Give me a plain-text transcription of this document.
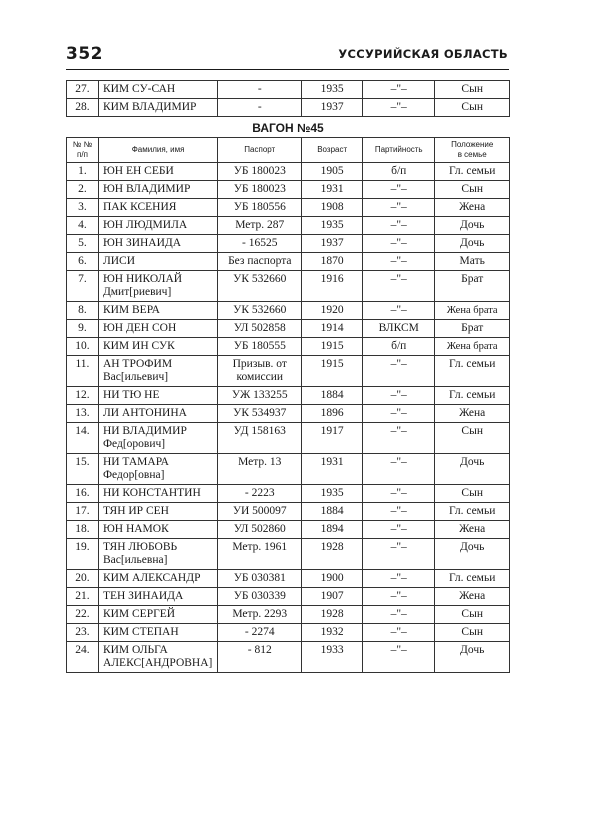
352	УССУРИЙСКАЯ ОБЛАСТЬ
27.	КИМ СУ-САН	-	1935	–"–	Сын
28.	КИМ ВЛАДИМИР	-	1937	–"–	Сын
ВАГОН №45					

№ №
п/п	Фамилия, имя	Паспорт	Возраст	Партийность	Положение
в семье

1.	ЮН ЕН СЕБИ	УБ 180023	1905	б/п	Гл. семьи
2.	ЮН ВЛАДИМИР	УБ 180023	1931	–"–	Сын
3.	ПАК КСЕНИЯ	УБ 180556	1908	–"–	Жена
4.	ЮН ЛЮДМИЛА	Метр. 287	1935	–"–	Дочь
5.	ЮН ЗИНАИДА	- 16525	1937	–"–	Дочь
6.	ЛИСИ	Без паспорта	1870	–"–	Мать
7.	ЮН НИКОЛАЙ
Дмит[риевич]	УК 532660	1916	–"–	Брат
8.	КИМ ВЕРА	УК 532660	1920	–"–	Жена брата
9.	ЮН ДЕН СОН	УЛ 502858	1914	ВЛКСМ	Брат
10.	КИМ ИН СУК	УБ 180555	1915	б/п	Жена брата
11.	АН ТРОФИМ
Вас[ильевич]	Призыв. от
комиссии	1915	–"–	Гл. семьи
12.	НИ ТЮ НЕ	УЖ 133255	1884	–"–	Гл. семьи
13.	ЛИ АНТОНИНА	УК 534937	1896	–"–	Жена
14.	НИ ВЛАДИМИР
Фед[орович]	УД 158163	1917	–"–	Сын
15.	НИ ТАМАРА
Федор[овна]	Метр. 13	1931	–"–	Дочь
16.	НИ КОНСТАНТИН	- 2223	1935	–"–	Сын
17.	ТЯН ИР СЕН	УИ 500097	1884	–"–	Гл. семьи
18.	ЮН НАМОК	УЛ 502860	1894	–"–	Жена
19.	ТЯН ЛЮБОВЬ
Вас[ильевна]	Метр. 1961	1928	–"–	Дочь
20.	КИМ АЛЕКСАНДР	УБ 030381	1900	–"–	Гл. семьи
21.	ТЕН ЗИНАИДА	УБ 030339	1907	–"–	Жена
22.	КИМ СЕРГЕЙ	Метр. 2293	1928	–"–	Сын
23.	КИМ СТЕПАН	- 2274	1932	–"–	Сын
24.	КИМ ОЛЬГА
АЛЕКС[АНДРОВНА]	- 812	1933	–"–	Дочь
